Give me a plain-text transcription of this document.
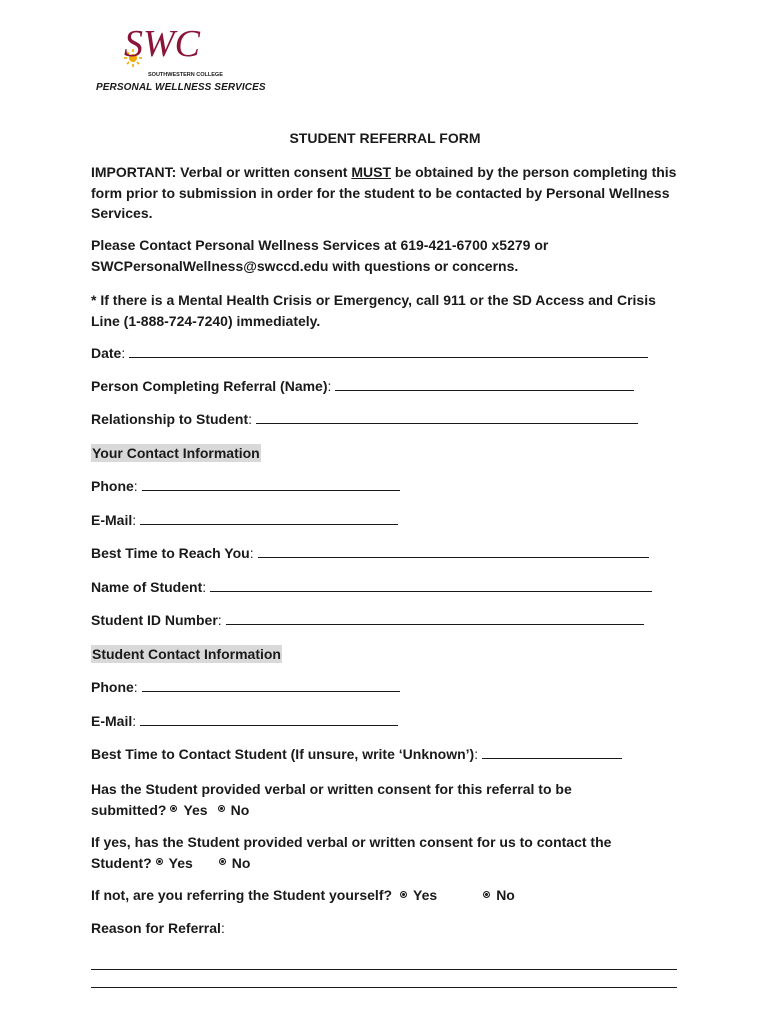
SWC
SOUTHWESTERN COLLEGE
PERSONAL WELLNESS SERVICES
STUDENT REFERRAL FORM
IMPORTANT: Verbal or written consent MUST be obtained by the person completing this form prior to submission in order for the student to be contacted by Personal Wellness Services.
Please Contact Personal Wellness Services at 619-421-6700 x5279 or SWCPersonalWellness@swccd.edu with questions or concerns.
* If there is a Mental Health Crisis or Emergency, call 911 or the SD Access and Crisis Line (1-888-724-7240) immediately.
Date:
Person Completing Referral (Name):
Relationship to Student:
Your Contact Information
Phone:
E-Mail:
Best Time to Reach You:
Name of Student:
Student ID Number:
Student Contact Information
Phone:
E-Mail:
Best Time to Contact Student (If unsure, write ‘Unknown’):
Has the Student provided verbal or written consent for this referral to be
submitted? Yes No
If yes, has the Student provided verbal or written consent for us to contact the
Student? Yes	No
If not, are you referring the Student yourself? Yes	No
Reason for Referral:
